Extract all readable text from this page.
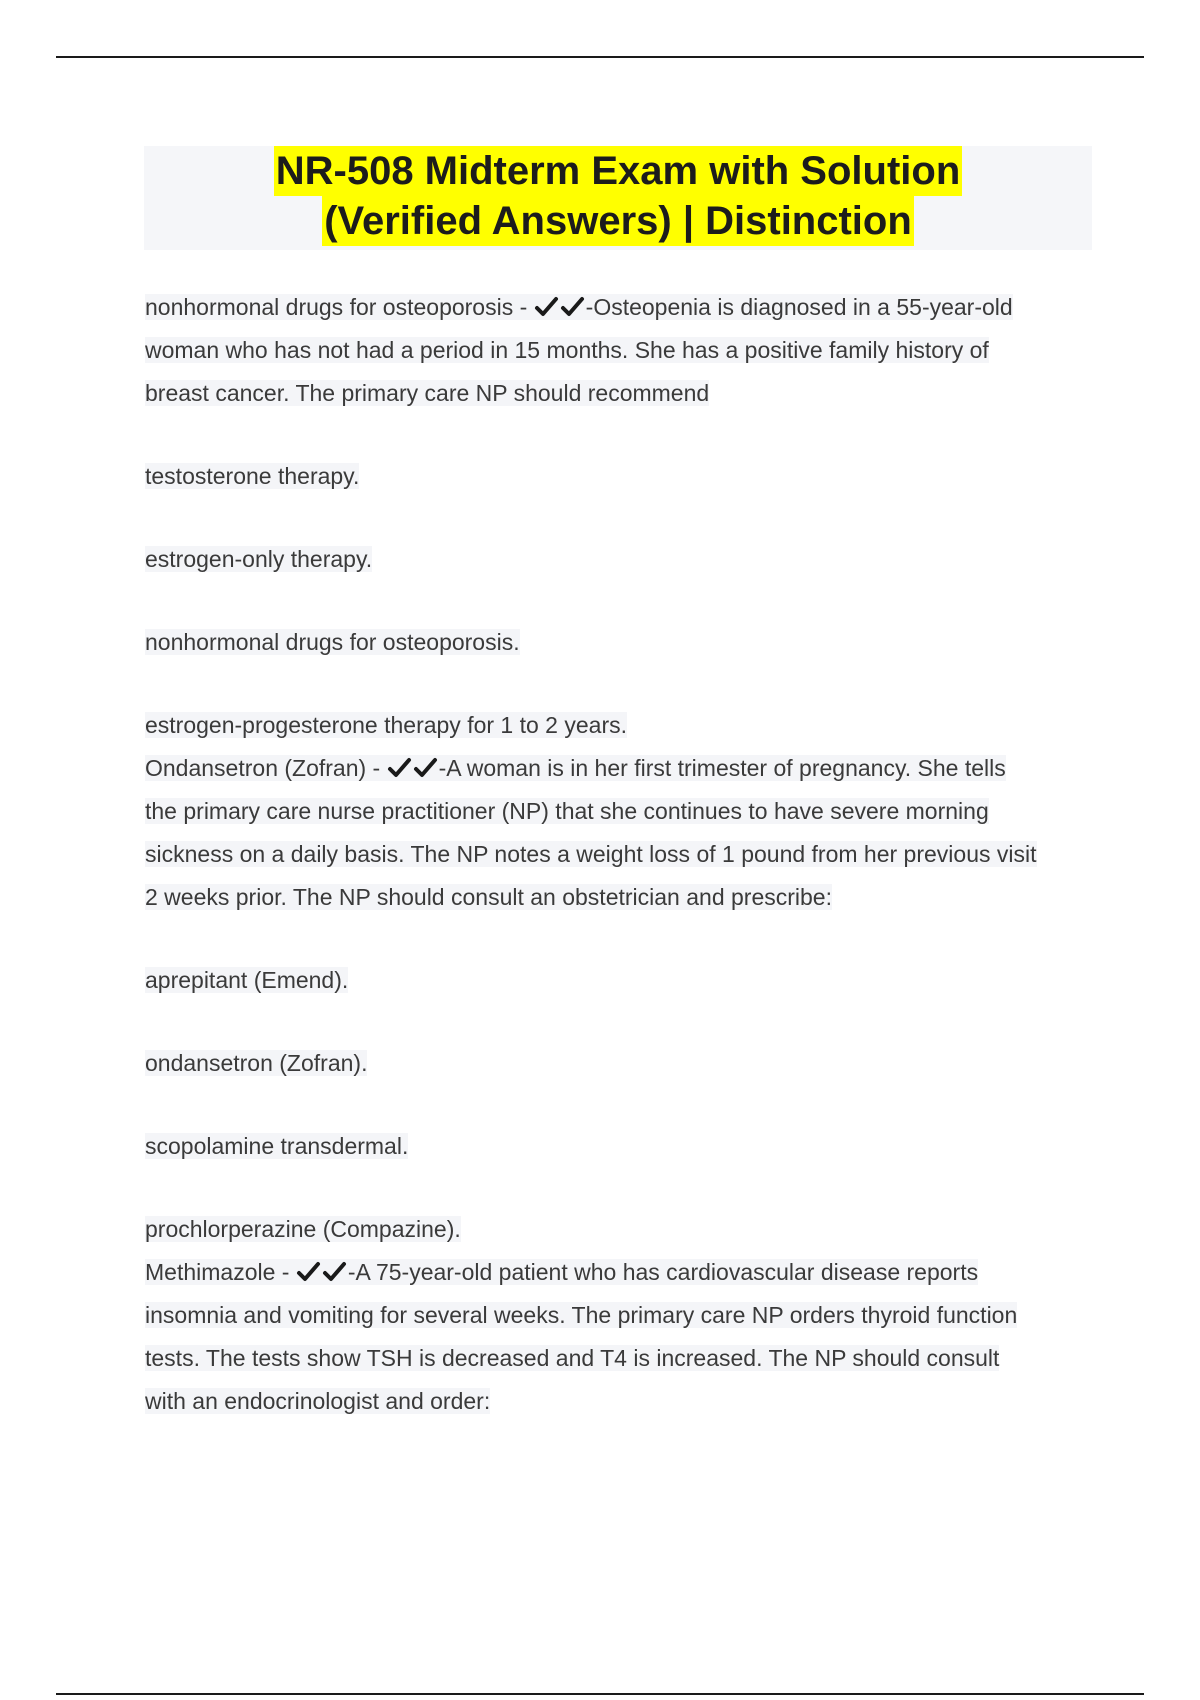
NR-508 Midterm Exam with Solution
(Verified Answers) | Distinction
nonhormonal drugs for osteoporosis - -Osteopenia is diagnosed in a 55-year-old
woman who has not had a period in 15 months. She has a positive family history of
breast cancer. The primary care NP should recommend
testosterone therapy.
estrogen-only therapy.
nonhormonal drugs for osteoporosis.
estrogen-progesterone therapy for 1 to 2 years.
Ondansetron (Zofran) - -A woman is in her first trimester of pregnancy. She tells
the primary care nurse practitioner (NP) that she continues to have severe morning
sickness on a daily basis. The NP notes a weight loss of 1 pound from her previous visit
2 weeks prior. The NP should consult an obstetrician and prescribe:
aprepitant (Emend).
ondansetron (Zofran).
scopolamine transdermal.
prochlorperazine (Compazine).
Methimazole - -A 75-year-old patient who has cardiovascular disease reports
insomnia and vomiting for several weeks. The primary care NP orders thyroid function
tests. The tests show TSH is decreased and T4 is increased. The NP should consult
with an endocrinologist and order:
